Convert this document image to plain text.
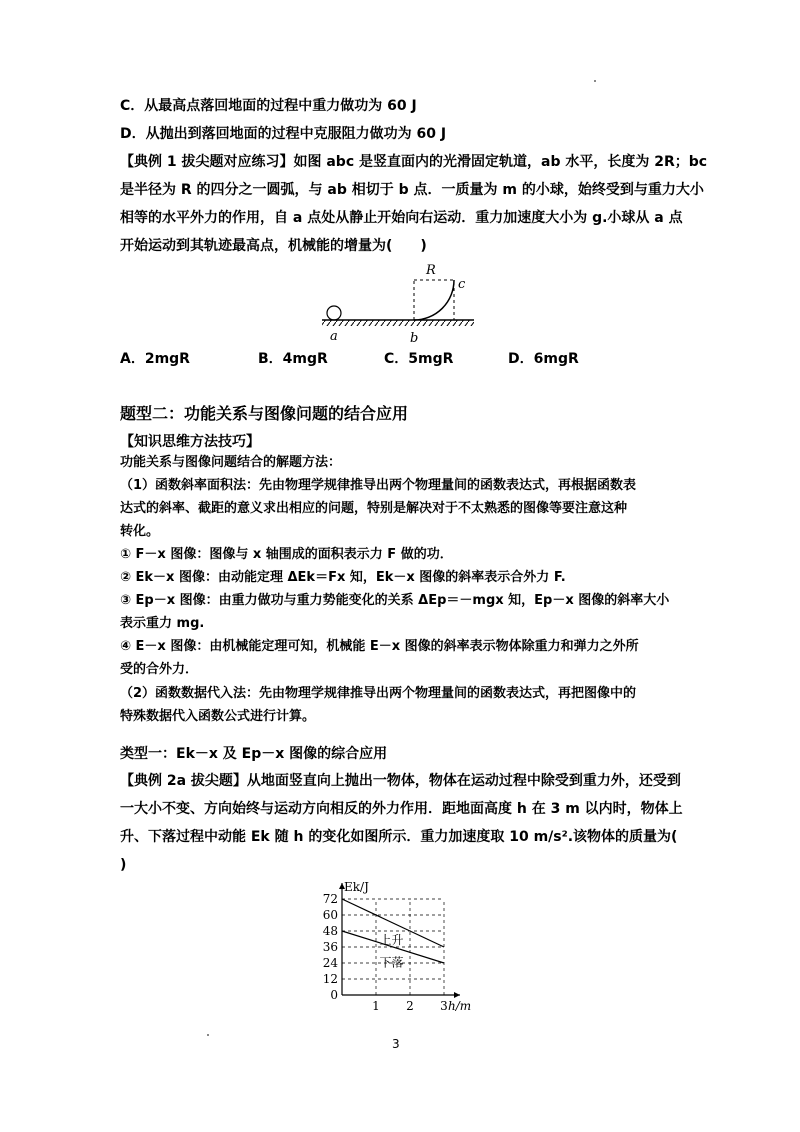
C．从最高点落回地面的过程中重力做功为 60 J
D．从抛出到落回地面的过程中克服阻力做功为 60 J
【典例 1 拔尖题对应练习】如图 abc 是竖直面内的光滑固定轨道，ab 水平，长度为 2R；bc
是半径为 R 的四分之一圆弧，与 ab 相切于 b 点．一质量为 m 的小球，始终受到与重力大小
相等的水平外力的作用，自 a 点处从静止开始向右运动．重力加速度大小为 g.小球从 a 点
开始运动到其轨迹最高点，机械能的增量为(　　)
R
c
a	b
A．2mgR	B．4mgR	C．5mgR	D．6mgR
题型二：功能关系与图像问题的结合应用
【知识思维方法技巧】
功能关系与图像问题结合的解题方法：
（1）函数斜率面积法：先由物理学规律推导出两个物理量间的函数表达式，再根据函数表
达式的斜率、截距的意义求出相应的问题，特别是解决对于不太熟悉的图像等要注意这种
转化。
① F－x 图像：图像与 x 轴围成的面积表示力 F 做的功．
② Ek－x 图像：由动能定理 ΔEk＝Fx 知，Ek－x 图像的斜率表示合外力 F.
③ Ep－x 图像：由重力做功与重力势能变化的关系 ΔEp＝－mgx 知，Ep－x 图像的斜率大小
表示重力 mg.
④ E－x 图像：由机械能定理可知，机械能 E－x 图像的斜率表示物体除重力和弹力之外所
受的合外力．
（2）函数数据代入法：先由物理学规律推导出两个物理量间的函数表达式，再把图像中的
特殊数据代入函数公式进行计算。
类型一：Ek－x 及 Ep－x 图像的综合应用
【典例 2a 拔尖题】从地面竖直向上抛出一物体，物体在运动过程中除受到重力外，还受到
一大小不变、方向始终与运动方向相反的外力作用．距地面高度 h 在 3 m 以内时，物体上
升、下落过程中动能 Ek 随 h 的变化如图所示．重力加速度取 10 m/s².该物体的质量为(
)
72
60
48
36
24
12
0
1 2 3
Ek/J
h/m
上升
下落
3
